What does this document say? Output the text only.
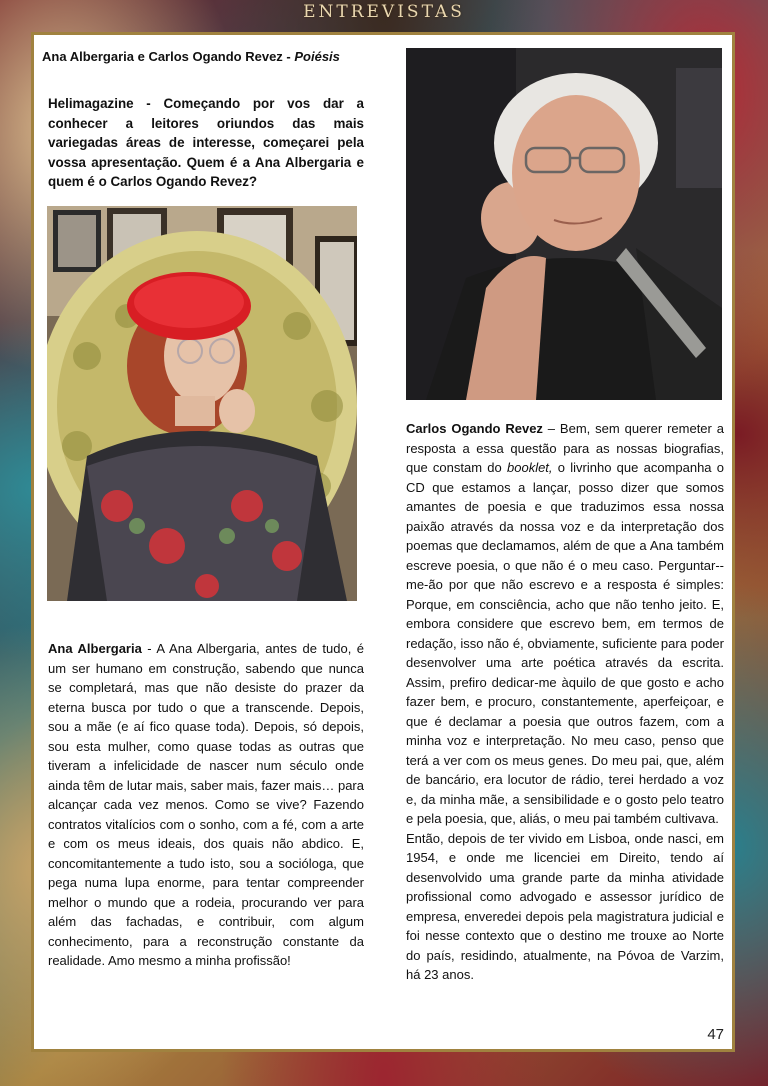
ENTREVISTAS
Ana Albergaria e Carlos Ogando Revez - Poiésis
Helimagazine - Começando por vos dar a conhecer a leitores oriundos das mais variegadas áreas de interesse, começarei pela vossa apresentação. Quem é a Ana Albergaria e quem é o Carlos Ogando Revez?

Ana Albergaria - A Ana Albergaria, antes de tudo, é um ser humano em construção, sabendo que nunca se completará, mas que não desiste do prazer da eterna busca por tudo o que a transcende. Depois, sou a mãe (e aí fico quase toda). Depois, só depois, sou esta mulher, como quase todas as outras que tiveram a infelicidade de nascer num século onde ainda têm de lutar mais, saber mais, fazer mais… para alcançar cada vez menos. Como se vive? Fazendo contratos vitalícios com o sonho, com a fé, com a arte e com os meus ideais, dos quais não abdico. E, concomitantemente a tudo isto, sou a socióloga, que pega numa lupa enorme, para tentar compreender melhor o mundo que a rodeia, procurando ver para além das fachadas, e contribuir, com algum conhecimento, para a reconstrução constante da realidade. Amo mesmo a minha profissão!

Carlos Ogando Revez – Bem, sem querer remeter a resposta a essa questão para as nossas biografias, que constam do booklet, o livrinho que acompanha o CD que estamos a lançar, posso dizer que somos amantes de poesia e que traduzimos essa nossa paixão através da nossa voz e da interpretação dos poemas que declamamos, além de que a Ana também escreve poesia, o que não é o meu caso. Perguntar--me-ão por que não escrevo e a resposta é simples: Porque, em consciência, acho que não tenho jeito. E, embora considere que escrevo bem, em termos de redação, isso não é, obviamente, suficiente para poder desenvolver uma arte poética através da escrita. Assim, prefiro dedicar-me àquilo de que gosto e acho fazer bem, e procuro, constantemente, aperfeiçoar, e que é declamar a poesia que outros fazem, com a minha voz e interpretação. No meu caso, penso que terá a ver com os meus genes. Do meu pai, que, além de bancário, era locutor de rádio, terei herdado a voz e, da minha mãe, a sensibilidade e o gosto pelo teatro e pela poesia, que, aliás, o meu pai também cultivava.

Então, depois de ter vivido em Lisboa, onde nasci, em 1954, e onde me licenciei em Direito, tendo aí desenvolvido uma grande parte da minha atividade profissional como advogado e assessor jurídico de empresa, enveredei depois pela magistratura judicial e foi nesse contexto que o destino me trouxe ao Norte do país, residindo, atualmente, na Póvoa de Varzim, há 23 anos.

47
